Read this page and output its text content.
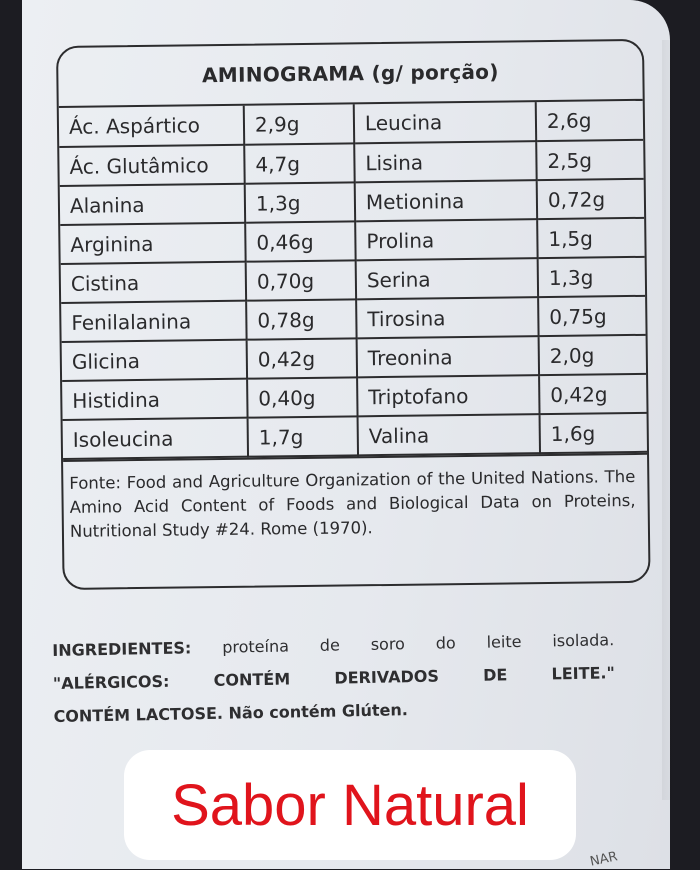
AMINOGRAMA (g/ porção)
Ác. Aspártico	2,9g	Leucina	2,6g
Ác. Glutâmico	4,7g	Lisina	2,5g
Alanina	1,3g	Metionina	0,72g
Arginina	0,46g	Prolina	1,5g
Cistina	0,70g	Serina	1,3g
Fenilalanina	0,78g	Tirosina	0,75g
Glicina	0,42g	Treonina	2,0g
Histidina	0,40g	Triptofano	0,42g
Isoleucina	1,7g	Valina	1,6g
Fonte: Food and Agriculture Organization of the United Nations. The Amino Acid Content of Foods and Biological Data on Proteins, Nutritional Study #24. Rome (1970).
INGREDIENTES: proteína de soro do leite isolada.
"ALÉRGICOS: CONTÉM DERIVADOS DE LEITE."
CONTÉM LACTOSE. Não contém Glúten.
Sabor Natural
NAR
